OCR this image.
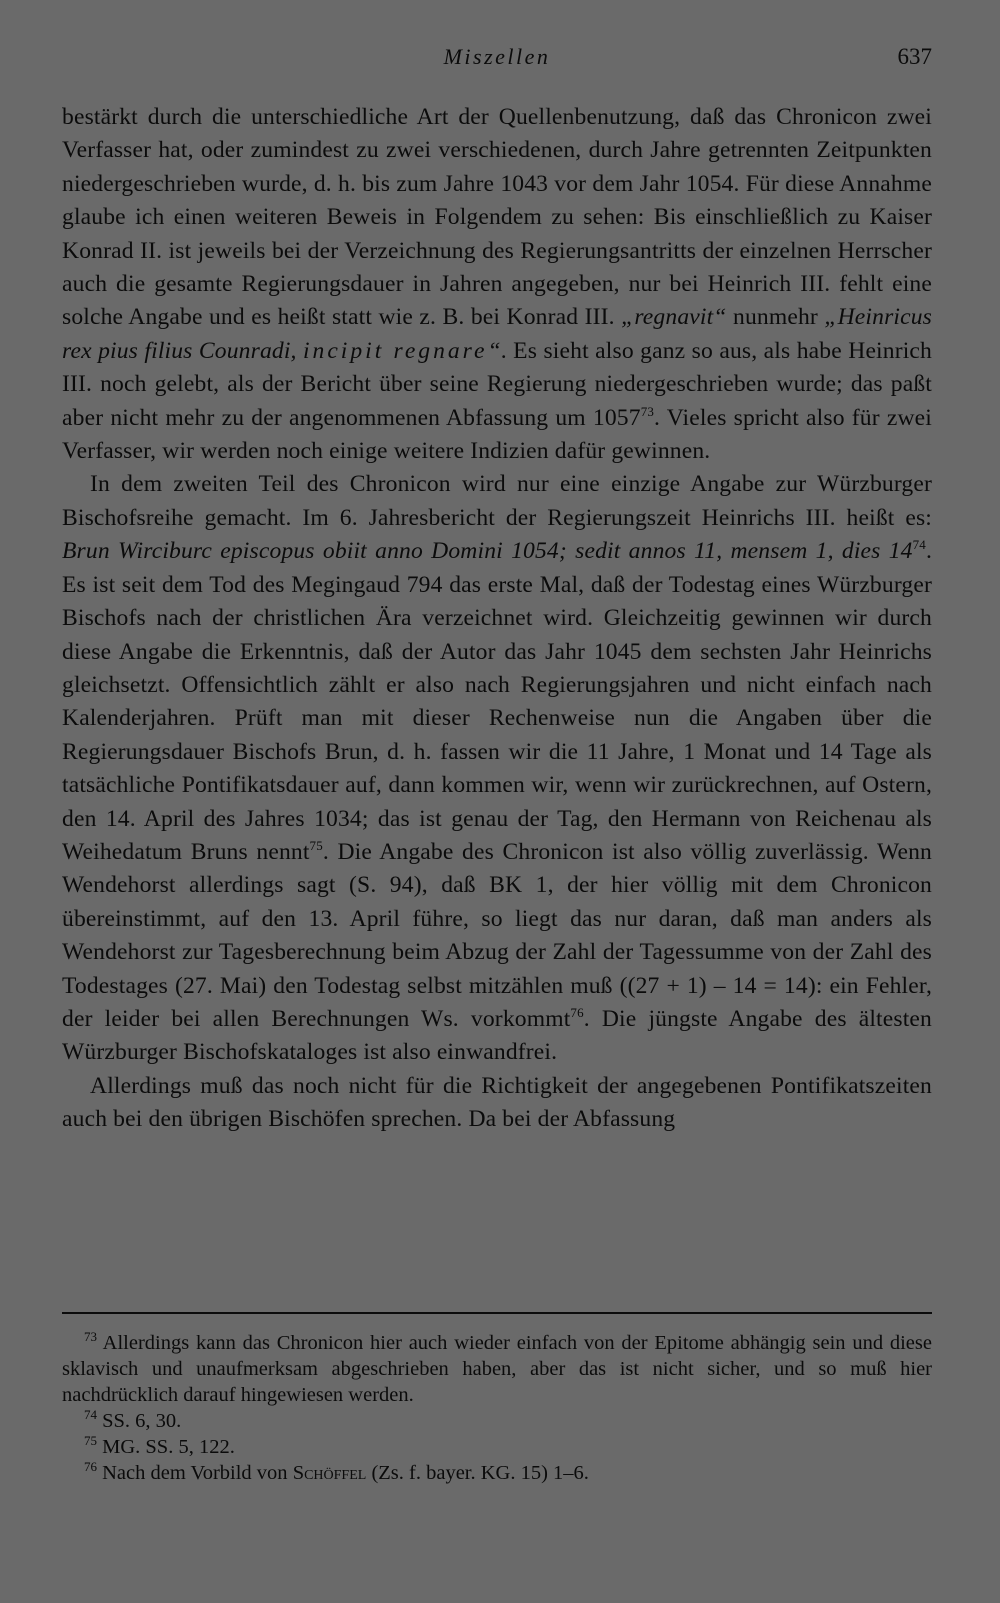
Miszellen	637

bestärkt durch die unterschiedliche Art der Quellenbenutzung, daß das Chronicon zwei Verfasser hat, oder zumindest zu zwei verschiedenen, durch Jahre getrennten Zeitpunkten niedergeschrieben wurde, d. h. bis zum Jahre 1043 vor dem Jahr 1054. Für diese Annahme glaube ich einen weiteren Beweis in Folgendem zu sehen: Bis einschließlich zu Kaiser Konrad II. ist jeweils bei der Verzeichnung des Regierungsantritts der einzelnen Herrscher auch die gesamte Regierungsdauer in Jahren angegeben, nur bei Heinrich III. fehlt eine solche Angabe und es heißt statt wie z. B. bei Konrad III. „regnavit“ nunmehr „Heinricus rex pius filius Counradi, incipit regnare“. Es sieht also ganz so aus, als habe Heinrich III. noch gelebt, als der Bericht über seine Regierung niedergeschrieben wurde; das paßt aber nicht mehr zu der angenommenen Abfassung um 1057$^{73}$. Vieles spricht also für zwei Verfasser, wir werden noch einige weitere Indizien dafür gewinnen.

In dem zweiten Teil des Chronicon wird nur eine einzige Angabe zur Würzburger Bischofsreihe gemacht. Im 6. Jahresbericht der Regierungszeit Heinrichs III. heißt es: Brun Wirciburc episcopus obiit anno Domini 1054; sedit annos 11, mensem 1, dies $14^{74}$. Es ist seit dem Tod des Megingaud 794 das erste Mal, daß der Todestag eines Würzburger Bischofs nach der christlichen Ära verzeichnet wird. Gleichzeitig gewinnen wir durch diese Angabe die Erkenntnis, daß der Autor das Jahr 1045 dem sechsten Jahr Heinrichs gleichsetzt. Offensichtlich zählt er also nach Regierungsjahren und nicht einfach nach Kalenderjahren. Prüft man mit dieser Rechenweise nun die Angaben über die Regierungsdauer Bischofs Brun, d. h. fassen wir die 11 Jahre, 1 Monat und 14 Tage als tatsächliche Pontifikatsdauer auf, dann kommen wir, wenn wir zurückrechnen, auf Ostern, den 14. April des Jahres 1034; das ist genau der Tag, den Hermann von Reichenau als Weihedatum Bruns nennt$^{75}$. Die Angabe des Chronicon ist also völlig zuverlässig. Wenn Wendehorst allerdings sagt (S. 94), daß BK 1, der hier völlig mit dem Chronicon übereinstimmt, auf den 13. April führe, so liegt das nur daran, daß man anders als Wendehorst zur Tagesberechnung beim Abzug der Zahl der Tagessumme von der Zahl des Todestages (27. Mai) den Todestag selbst mitzählen muß ((27 + 1) – 14 = 14): ein Fehler, der leider bei allen Berechnungen Ws. vorkommt$^{76}$. Die jüngste Angabe des ältesten Würzburger Bischofskataloges ist also einwandfrei.

Allerdings muß das noch nicht für die Richtigkeit der angegebenen Pontifikatszeiten auch bei den übrigen Bischöfen sprechen. Da bei der Abfassung

$^{73}$ Allerdings kann das Chronicon hier auch wieder einfach von der Epitome abhängig sein und diese sklavisch und unaufmerksam abgeschrieben haben, aber das ist nicht sicher, und so muß hier nachdrücklich darauf hingewiesen werden.

$^{74}$ SS. 6, 30.

$^{75}$ MG. SS. 5, 122.

$^{76}$ Nach dem Vorbild von Schöffel (Zs. f. bayer. KG. 15) 1–6.
